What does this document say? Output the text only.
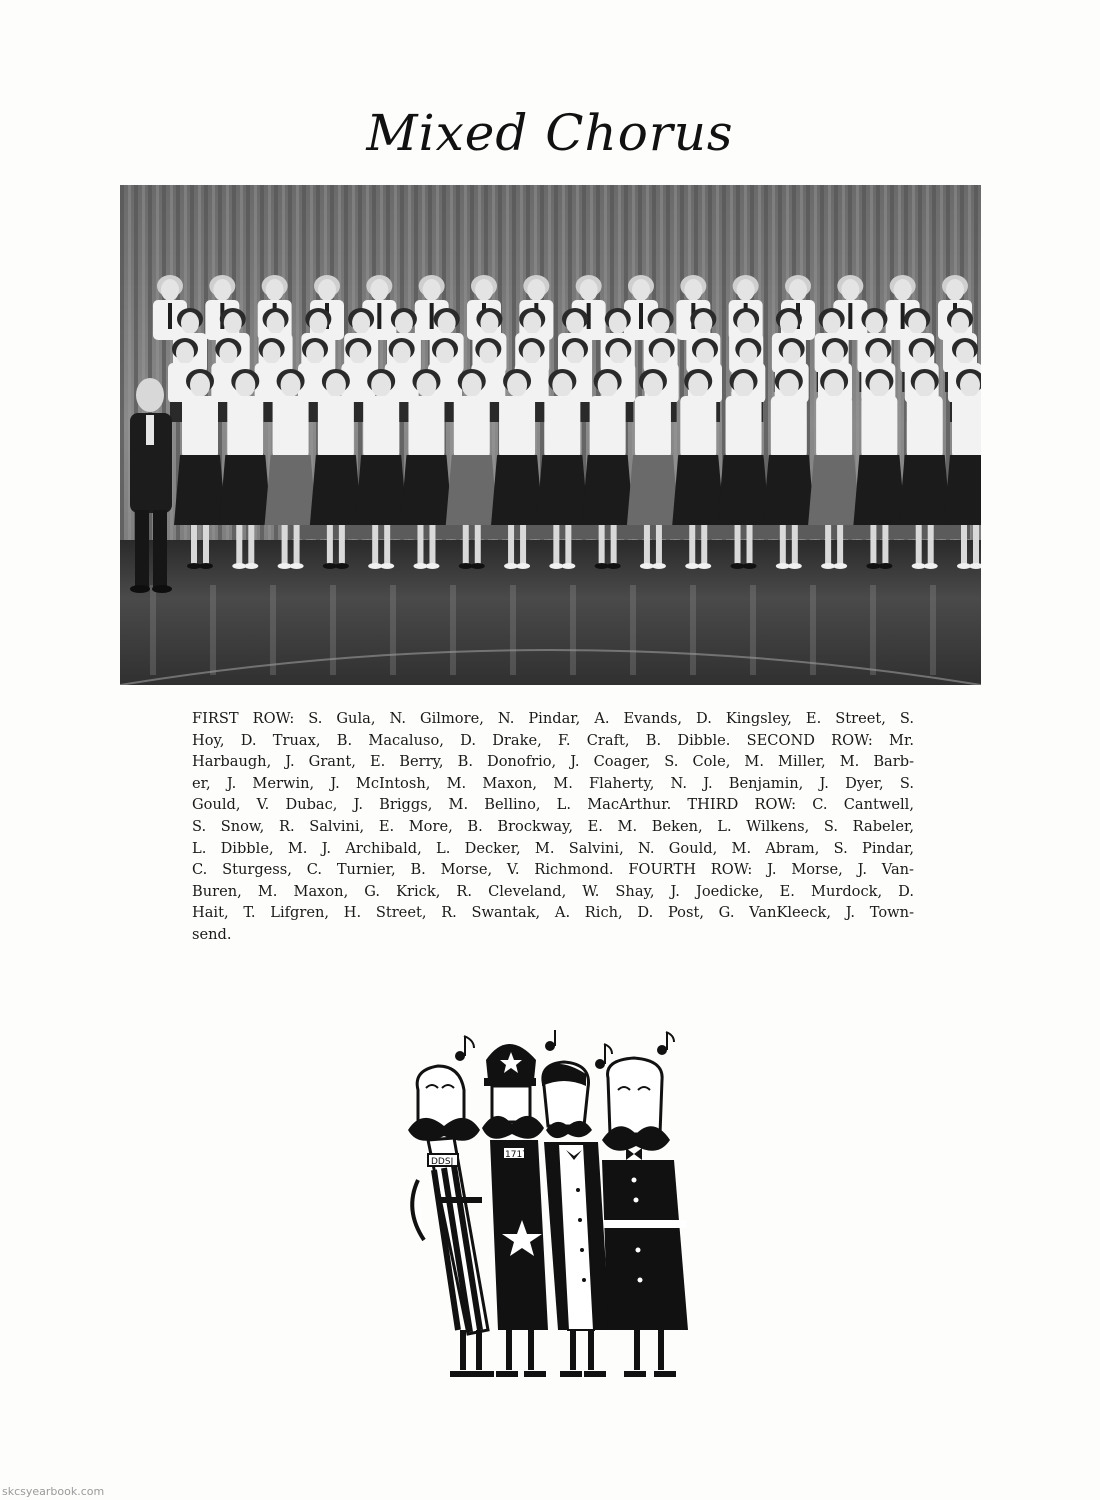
Mixed Chorus
FIRST ROW: S. Gula, N. Gilmore, N. Pindar, A. Evands, D. Kingsley, E. Street, S.
Hoy, D. Truax, B. Macaluso, D. Drake, F. Craft, B. Dibble. SECOND ROW: Mr.
Harbaugh, J. Grant, E. Berry, B. Donofrio, J. Coager, S. Cole, M. Miller, M. Barb-
er, J. Merwin, J. McIntosh, M. Maxon, M. Flaherty, N. J. Benjamin, J. Dyer, S.
Gould, V. Dubac, J. Briggs, M. Bellino, L. MacArthur. THIRD ROW: C. Cantwell,
S. Snow, R. Salvini, E. More, B. Brockway, E. M. Beken, L. Wilkens, S. Rabeler,
L. Dibble, M. J. Archibald, L. Decker, M. Salvini, N. Gould, M. Abram, S. Pindar,
C. Sturgess, C. Turnier, B. Morse, V. Richmond. FOURTH ROW: J. Morse, J. Van-
Buren, M. Maxon, G. Krick, R. Cleveland, W. Shay, J. Joedicke, E. Murdock, D.
Hait, T. Lifgren, H. Street, R. Swantak, A. Rich, D. Post, G. VanKleeck, J. Town-
send.
DDSJ
1717
skcsyearbook.com
